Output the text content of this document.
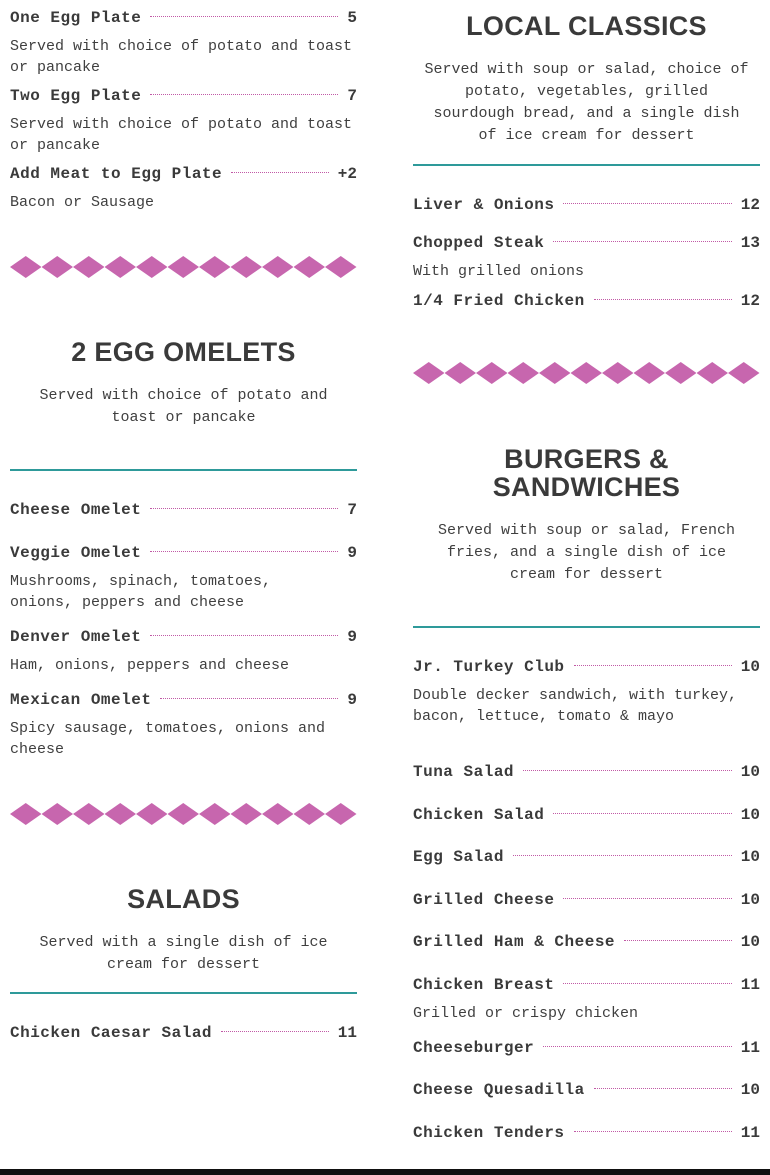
One Egg Plate	5
Served with choice of potato and toast or pancake
Two Egg Plate	7
Served with choice of potato and toast or pancake
Add Meat to Egg Plate	+2
Bacon or Sausage
2 EGG OMELETS
Served with choice of potato and toast or pancake
Cheese Omelet	7
Veggie Omelet	9
Mushrooms, spinach, tomatoes, onions, peppers and cheese
Denver Omelet	9
Ham, onions, peppers and cheese
Mexican Omelet	9
Spicy sausage, tomatoes, onions and cheese
SALADS
Served with a single dish of ice cream for dessert
Chicken Caesar Salad	11
LOCAL CLASSICS
Served with soup or salad, choice of potato, vegetables, grilled sourdough bread, and a single dish of ice cream for dessert
Liver & Onions	12
Chopped Steak	13
With grilled onions
1/4 Fried Chicken	12
BURGERS &
SANDWICHES
Served with soup or salad, French fries, and a single dish of ice cream for dessert
Jr. Turkey Club	10
Double decker sandwich, with turkey, bacon, lettuce, tomato & mayo
Tuna Salad	10
Chicken Salad	10
Egg Salad	10
Grilled Cheese	10
Grilled Ham & Cheese	10
Chicken Breast	11
Grilled or crispy chicken
Cheeseburger	11
Cheese Quesadilla	10
Chicken Tenders	11
